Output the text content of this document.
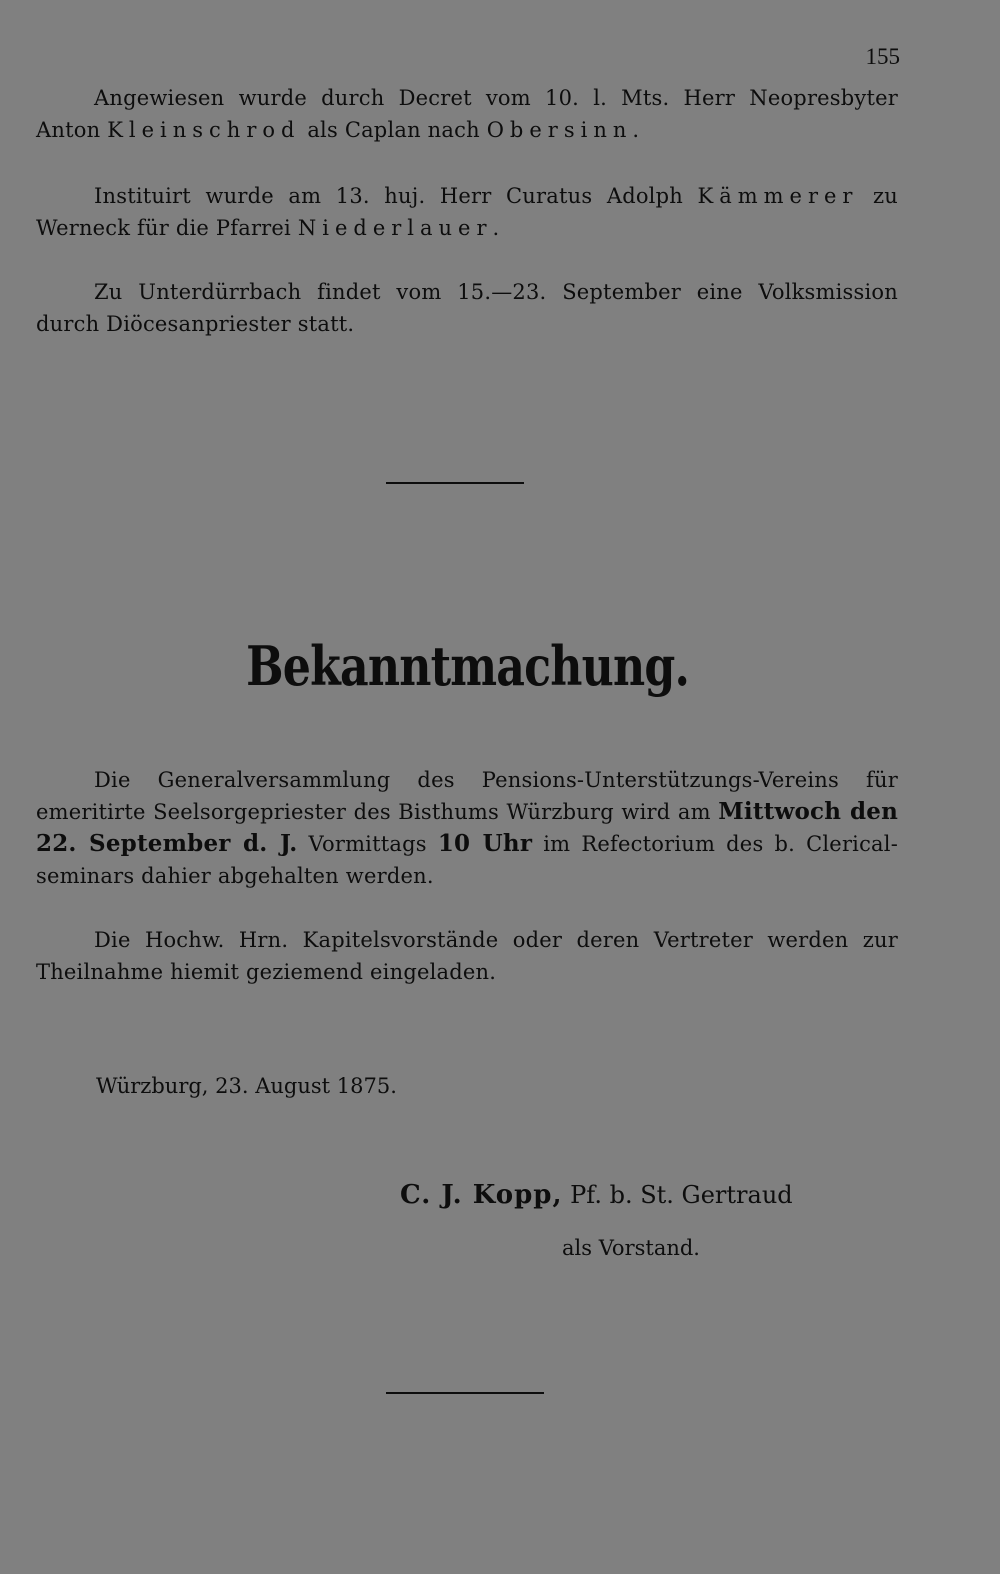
155

Angewiesen wurde durch Decret vom 10. l. Mts. Herr Neopresbyter Anton Kleinschrod als Caplan nach Obersinn.

Instituirt wurde am 13. huj. Herr Curatus Adolph Kämmerer zu Werneck für die Pfarrei Niederlauer.

Zu Unterdürrbach findet vom 15.—23. September eine Volksmission durch Diöcesanpriester statt.

Bekanntmachung.

Die Generalversammlung des Pensions-Unterstützungs-Vereins für emeritirte Seelsorgepriester des Bisthums Würzburg wird am Mittwoch den 22. September d. J. Vormittags 10 Uhr im Refectorium des b. Clerical-seminars dahier abgehalten werden.

Die Hochw. Hrn. Kapitelsvorstände oder deren Vertreter werden zur Theilnahme hiemit geziemend eingeladen.

Würzburg, 23. August 1875.
C. J. Kopp, Pf. b. St. Gertraud
als Vorstand.
